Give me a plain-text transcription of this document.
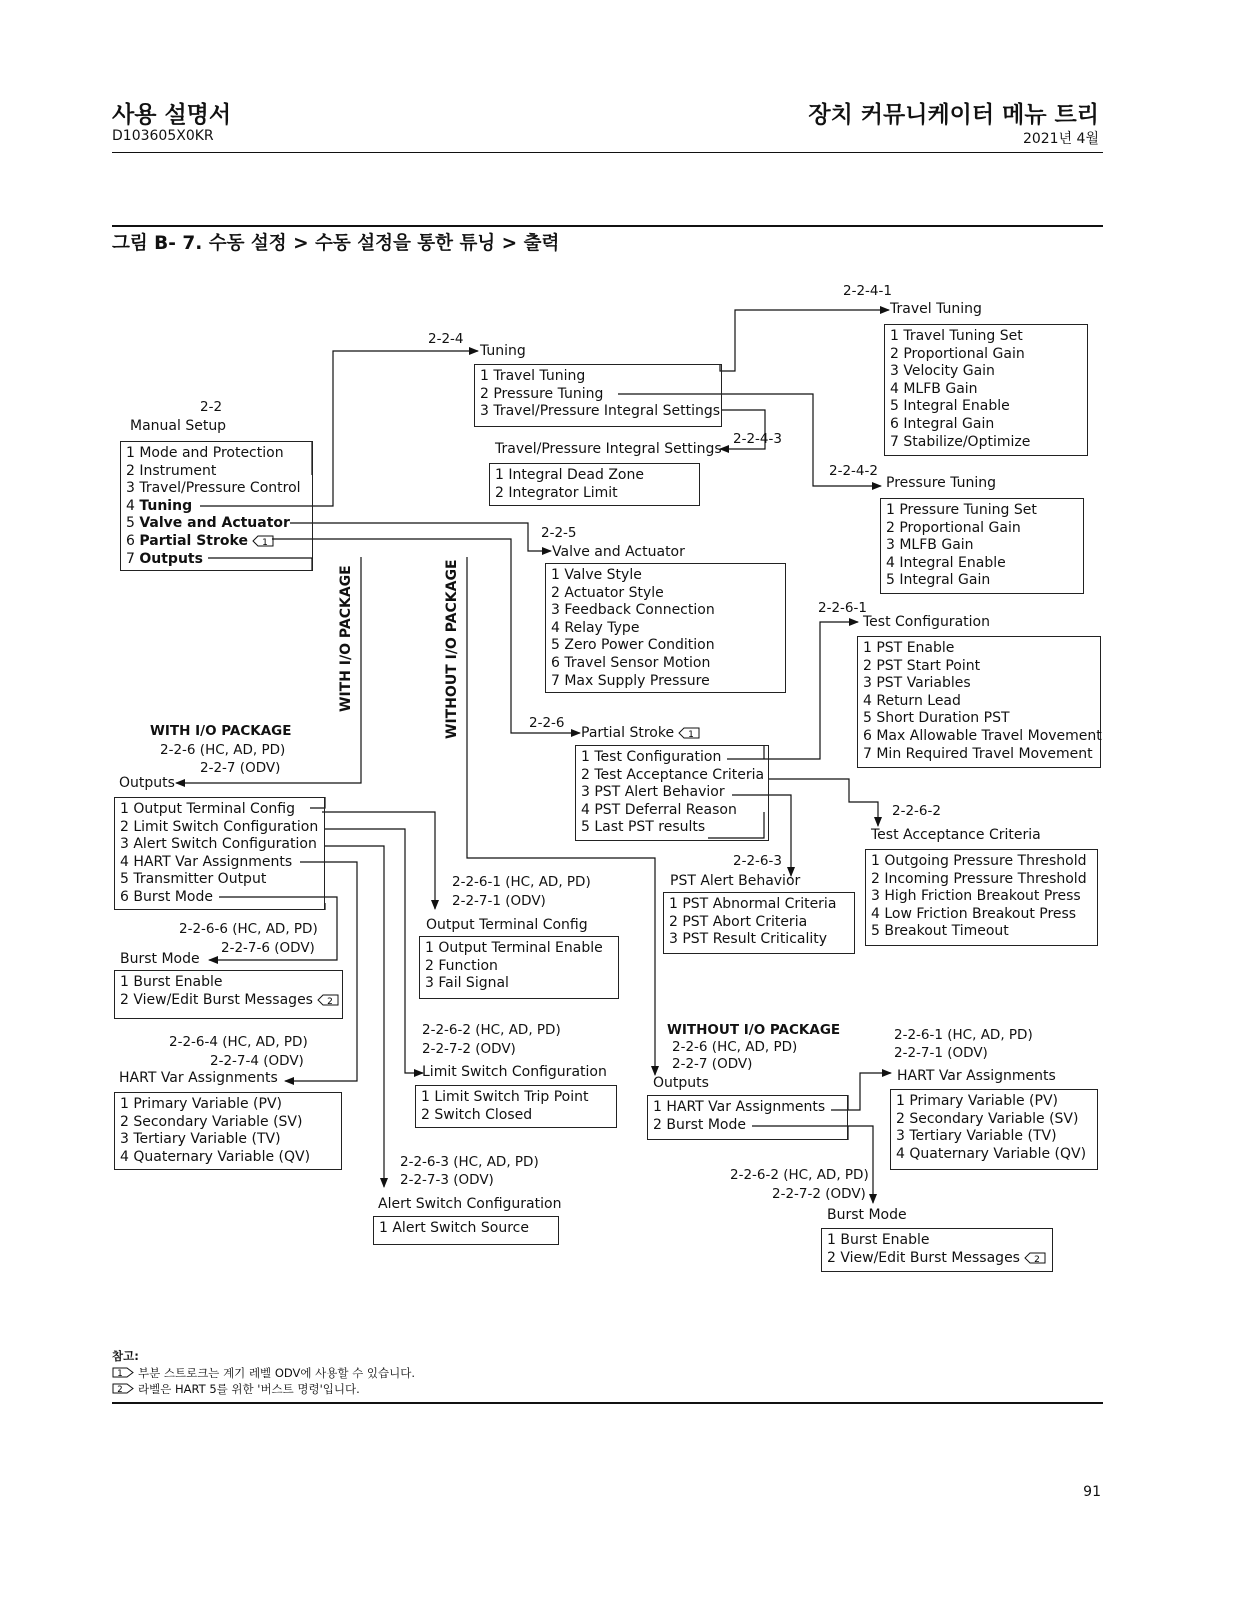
사용 설명서
D103605X0KR
장치 커뮤니케이터 메뉴 트리
2021년 4월
그림 B- 7. 수동 설정 > 수동 설정을 통한 튜닝 > 출력
2-2
Manual Setup
1 Mode and Protection
2 Instrument
3 Travel/Pressure Control
4 Tuning
5 Valve and Actuator
6 Partial Stroke 1
7 Outputs
2-2-4
Tuning
1 Travel Tuning
2 Pressure Tuning
3 Travel/Pressure Integral Settings
2-2-4-1
Travel Tuning
1 Travel Tuning Set
2 Proportional Gain
3 Velocity Gain
4 MLFB Gain
5 Integral Enable
6 Integral Gain
7 Stabilize/Optimize
2-2-4-3
Travel/Pressure Integral Settings
1 Integral Dead Zone
2 Integrator Limit
2-2-4-2
Pressure Tuning
1 Pressure Tuning Set
2 Proportional Gain
3 MLFB Gain
4 Integral Enable
5 Integral Gain
2-2-5
Valve and Actuator
1 Valve Style
2 Actuator Style
3 Feedback Connection
4 Relay Type
5 Zero Power Condition
6 Travel Sensor Motion
7 Max Supply Pressure
2-2-6-1
Test Configuration
1 PST Enable
2 PST Start Point
3 PST Variables
4 Return Lead
5 Short Duration PST
6 Max Allowable Travel Movement
7 Min Required Travel Movement
2-2-6
Partial Stroke 1
1 Test Configuration
2 Test Acceptance Criteria
3 PST Alert Behavior
4 PST Deferral Reason
5 Last PST results
2-2-6-2
Test Acceptance Criteria
1 Outgoing Pressure Threshold
2 Incoming Pressure Threshold
3 High Friction Breakout Press
4 Low Friction Breakout Press
5 Breakout Timeout
2-2-6-3
PST Alert Behavior
1 PST Abnormal Criteria
2 PST Abort Criteria
3 PST Result Criticality
WITH I/O PACKAGE	WITHOUT I/O PACKAGE
WITH I/O PACKAGE
2-2-6 (HC, AD, PD)
2-2-7 (ODV)
Outputs
1 Output Terminal Config
2 Limit Switch Configuration
3 Alert Switch Configuration
4 HART Var Assignments
5 Transmitter Output
6 Burst Mode
2-2-6-1 (HC, AD, PD)
2-2-7-1 (ODV)
Output Terminal Config
1 Output Terminal Enable
2 Function
3 Fail Signal
2-2-6-6 (HC, AD, PD)
2-2-7-6 (ODV)
Burst Mode
1 Burst Enable
2 View/Edit Burst Messages 2
2-2-6-4 (HC, AD, PD)
2-2-7-4 (ODV)
HART Var Assignments
1 Primary Variable (PV)
2 Secondary Variable (SV)
3 Tertiary Variable (TV)
4 Quaternary Variable (QV)
2-2-6-2 (HC, AD, PD)
2-2-7-2 (ODV)
Limit Switch Configuration
1 Limit Switch Trip Point
2 Switch Closed
2-2-6-3 (HC, AD, PD)
2-2-7-3 (ODV)
Alert Switch Configuration
1 Alert Switch Source
WITHOUT I/O PACKAGE
2-2-6 (HC, AD, PD)
2-2-7 (ODV)
Outputs
1 HART Var Assignments
2 Burst Mode
2-2-6-1 (HC, AD, PD)
2-2-7-1 (ODV)
HART Var Assignments
1 Primary Variable (PV)
2 Secondary Variable (SV)
3 Tertiary Variable (TV)
4 Quaternary Variable (QV)
2-2-6-2 (HC, AD, PD)
2-2-7-2 (ODV)
Burst Mode
1 Burst Enable
2 View/Edit Burst Messages 2
참고:
1 부분 스트로크는 계기 레벨 ODV에 사용할 수 있습니다.
2 라벨은 HART 5를 위한 '버스트 명령'입니다.
91
